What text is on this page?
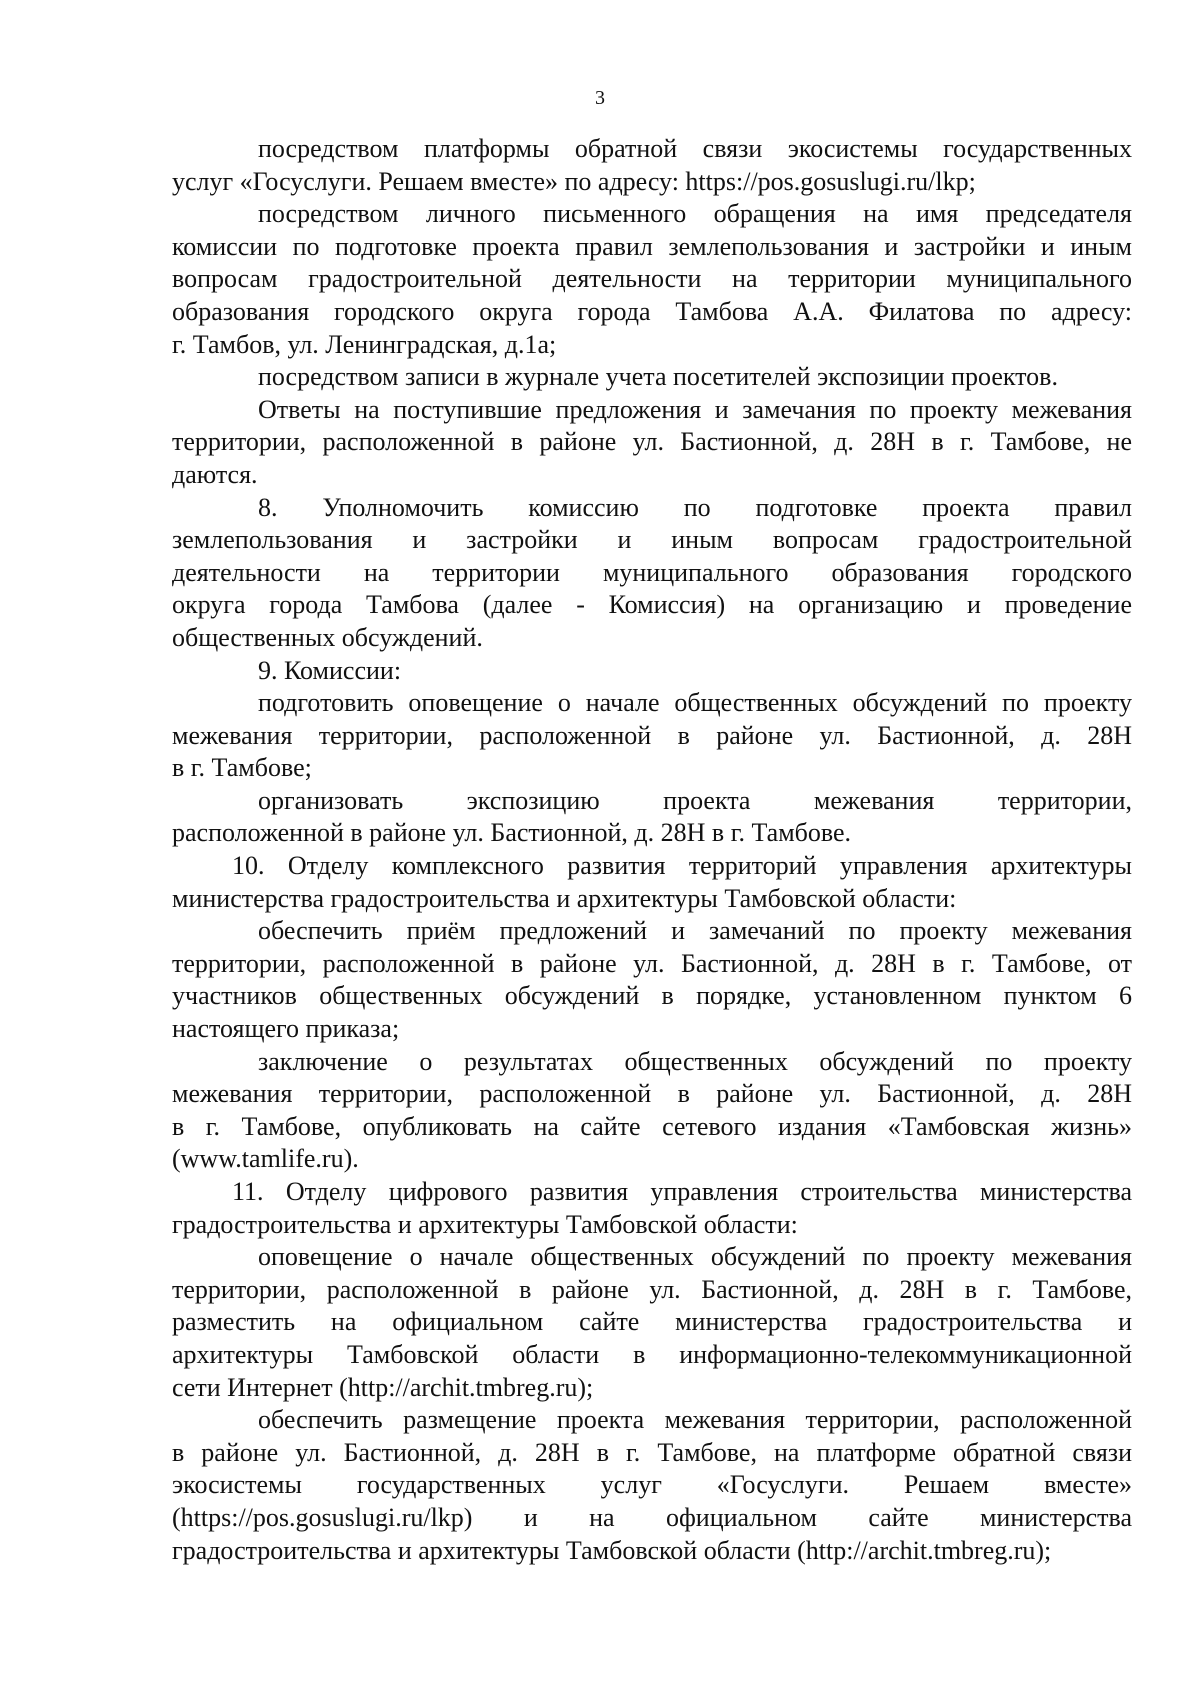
3
посредством платформы обратной связи экосистемы государственных
услуг «Госуслуги. Решаем вместе» по адресу: https://pos.gosuslugi.ru/lkp;
посредством личного письменного обращения на имя председателя
комиссии по подготовке проекта правил землепользования и застройки и иным
вопросам градостроительной деятельности на территории муниципального
образования городского округа города Тамбова А.А. Филатова по адресу:
г. Тамбов, ул. Ленинградская, д.1а;
посредством записи в журнале учета посетителей экспозиции проектов.
Ответы на поступившие предложения и замечания по проекту межевания
территории, расположенной в районе ул. Бастионной, д. 28Н в г. Тамбове, не
даются.
8. Уполномочить комиссию по подготовке проекта правил
землепользования и застройки и иным вопросам градостроительной
деятельности на территории муниципального образования городского
округа города Тамбова (далее - Комиссия) на организацию и проведение
общественных обсуждений.
9. Комиссии:
подготовить оповещение о начале общественных обсуждений по проекту
межевания территории, расположенной в районе ул. Бастионной, д. 28Н
в г. Тамбове;
организовать экспозицию проекта межевания территории,
расположенной в районе ул. Бастионной, д. 28Н в г. Тамбове.
10. Отделу комплексного развития территорий управления архитектуры
министерства градостроительства и архитектуры Тамбовской области:
обеспечить приём предложений и замечаний по проекту межевания
территории, расположенной в районе ул. Бастионной, д. 28Н в г. Тамбове, от
участников общественных обсуждений в порядке, установленном пунктом 6
настоящего приказа;
заключение о результатах общественных обсуждений по проекту
межевания территории, расположенной в районе ул. Бастионной, д. 28Н
в г. Тамбове, опубликовать на сайте сетевого издания «Тамбовская жизнь»
(www.tamlife.ru).
11. Отделу цифрового развития управления строительства министерства
градостроительства и архитектуры Тамбовской области:
оповещение о начале общественных обсуждений по проекту межевания
территории, расположенной в районе ул. Бастионной, д. 28Н в г. Тамбове,
разместить на официальном сайте министерства градостроительства и
архитектуры Тамбовской области в информационно-телекоммуникационной
сети Интернет (http://archit.tmbreg.ru);
обеспечить размещение проекта межевания территории, расположенной
в районе ул. Бастионной, д. 28Н в г. Тамбове, на платформе обратной связи
экосистемы государственных услуг «Госуслуги. Решаем вместе»
(https://pos.gosuslugi.ru/lkp) и на официальном сайте министерства
градостроительства и архитектуры Тамбовской области (http://archit.tmbreg.ru);
